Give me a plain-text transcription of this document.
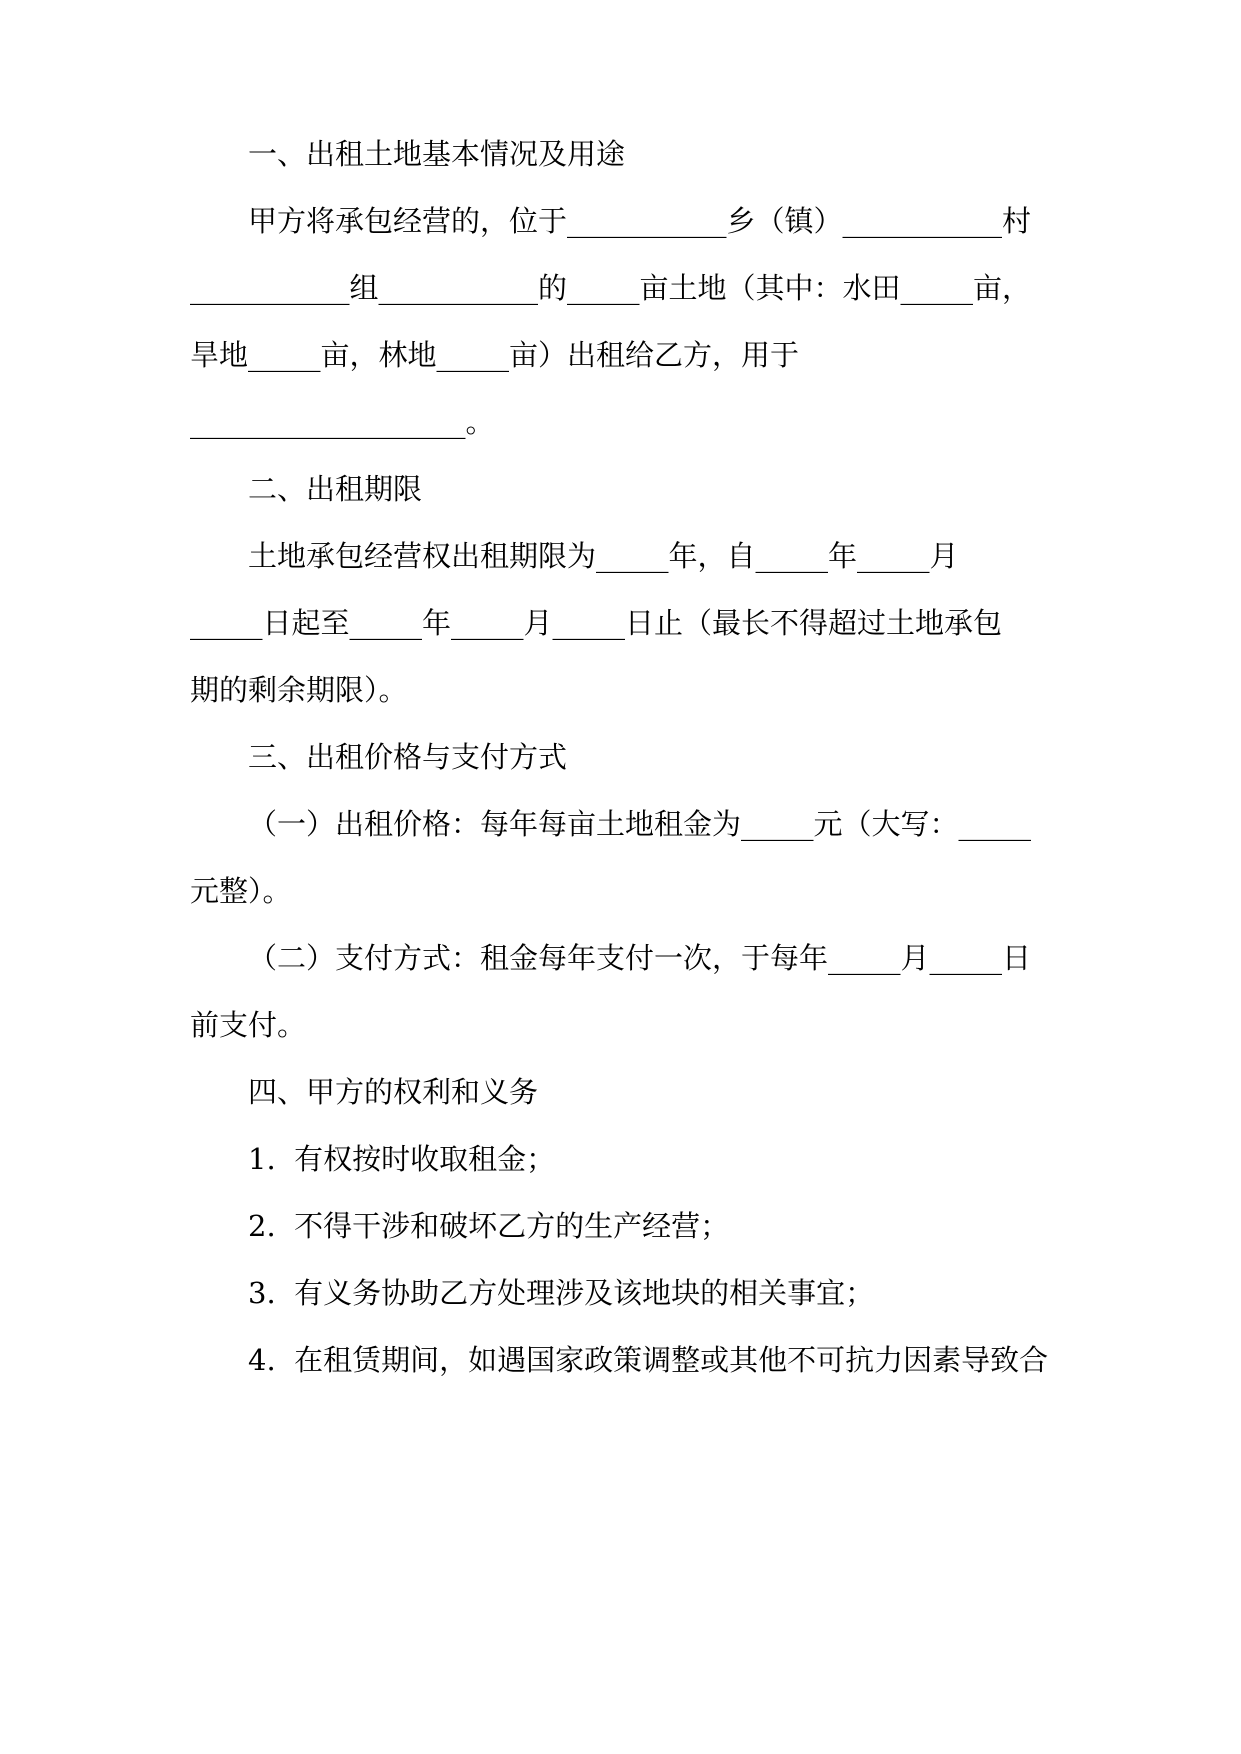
一、出租土地基本情况及用途
甲方将承包经营的，位于___________乡（镇）___________村
___________组___________的_____亩土地（其中：水田_____亩，
旱地_____亩，林地_____亩）出租给乙方，用于
___________________。
二、出租期限
土地承包经营权出租期限为_____年，自_____年_____月
_____日起至_____年_____月_____日止（最长不得超过土地承包
期的剩余期限）。
三、出租价格与支付方式
（一）出租价格：每年每亩土地租金为_____元（大写：_____
元整）。
（二）支付方式：租金每年支付一次，于每年_____月_____日
前支付。
四、甲方的权利和义务
1.  有权按时收取租金；
2.  不得干涉和破坏乙方的生产经营；
3.  有义务协助乙方处理涉及该地块的相关事宜；
4.  在租赁期间，如遇国家政策调整或其他不可抗力因素导致合
